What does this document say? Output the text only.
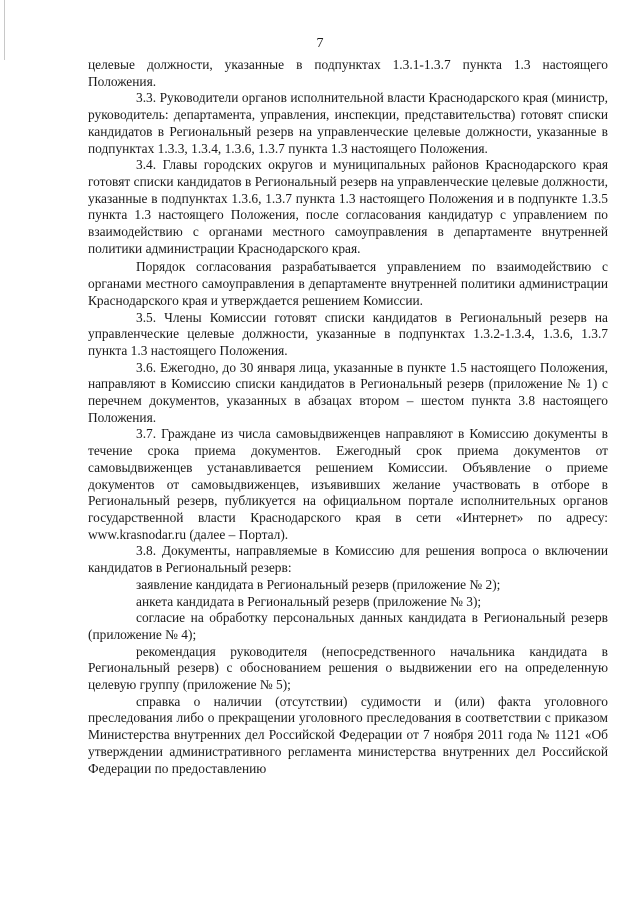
7

целевые должности, указанные в подпунктах 1.3.1-1.3.7 пункта 1.3 настоящего Положения.

3.3. Руководители органов исполнительной власти Краснодарского края (министр, руководитель: департамента, управления, инспекции, представительства) готовят списки кандидатов в Региональный резерв на управленческие целевые должности, указанные в подпунктах 1.3.3, 1.3.4, 1.3.6, 1.3.7 пункта 1.3 настоящего Положения.

3.4. Главы городских округов и муниципальных районов Краснодарского края готовят списки кандидатов в Региональный резерв на управленческие целевые должности, указанные в подпунктах 1.3.6, 1.3.7 пункта 1.3 настоящего Положения и в подпункте 1.3.5 пункта 1.3 настоящего Положения, после согласования кандидатур с управлением по взаимодействию с органами местного самоуправления в департаменте внутренней политики администрации Краснодарского края.

Порядок согласования разрабатывается управлением по взаимодействию с органами местного самоуправления в департаменте внутренней политики администрации Краснодарского края и утверждается решением Комиссии.

3.5. Члены Комиссии готовят списки кандидатов в Региональный резерв на управленческие целевые должности, указанные в подпунктах 1.3.2-1.3.4, 1.3.6, 1.3.7 пункта 1.3 настоящего Положения.

3.6. Ежегодно, до 30 января лица, указанные в пункте 1.5 настоящего Положения, направляют в Комиссию списки кандидатов в Региональный резерв (приложение № 1) с перечнем документов, указанных в абзацах втором – шестом пункта 3.8 настоящего Положения.

3.7. Граждане из числа самовыдвиженцев направляют в Комиссию документы в течение срока приема документов. Ежегодный срок приема документов от самовыдвиженцев устанавливается решением Комиссии. Объявление о приеме документов от самовыдвиженцев, изъявивших желание участвовать в отборе в Региональный резерв, публикуется на официальном портале исполнительных органов государственной власти Краснодарского края в сети «Интернет» по адресу: www.krasnodar.ru (далее – Портал).

3.8. Документы, направляемые в Комиссию для решения вопроса о включении кандидатов в Региональный резерв:

заявление кандидата в Региональный резерв (приложение № 2);

анкета кандидата в Региональный резерв (приложение № 3);

согласие на обработку персональных данных кандидата в Региональный резерв (приложение № 4);

рекомендация руководителя (непосредственного начальника кандидата в Региональный резерв) с обоснованием решения о выдвижении его на определенную целевую группу (приложение № 5);

справка о наличии (отсутствии) судимости и (или) факта уголовного преследования либо о прекращении уголовного преследования в соответствии с приказом Министерства внутренних дел Российской Федерации от 7 ноября 2011 года № 1121 «Об утверждении административного регламента министерства внутренних дел Российской Федерации по предоставлению
